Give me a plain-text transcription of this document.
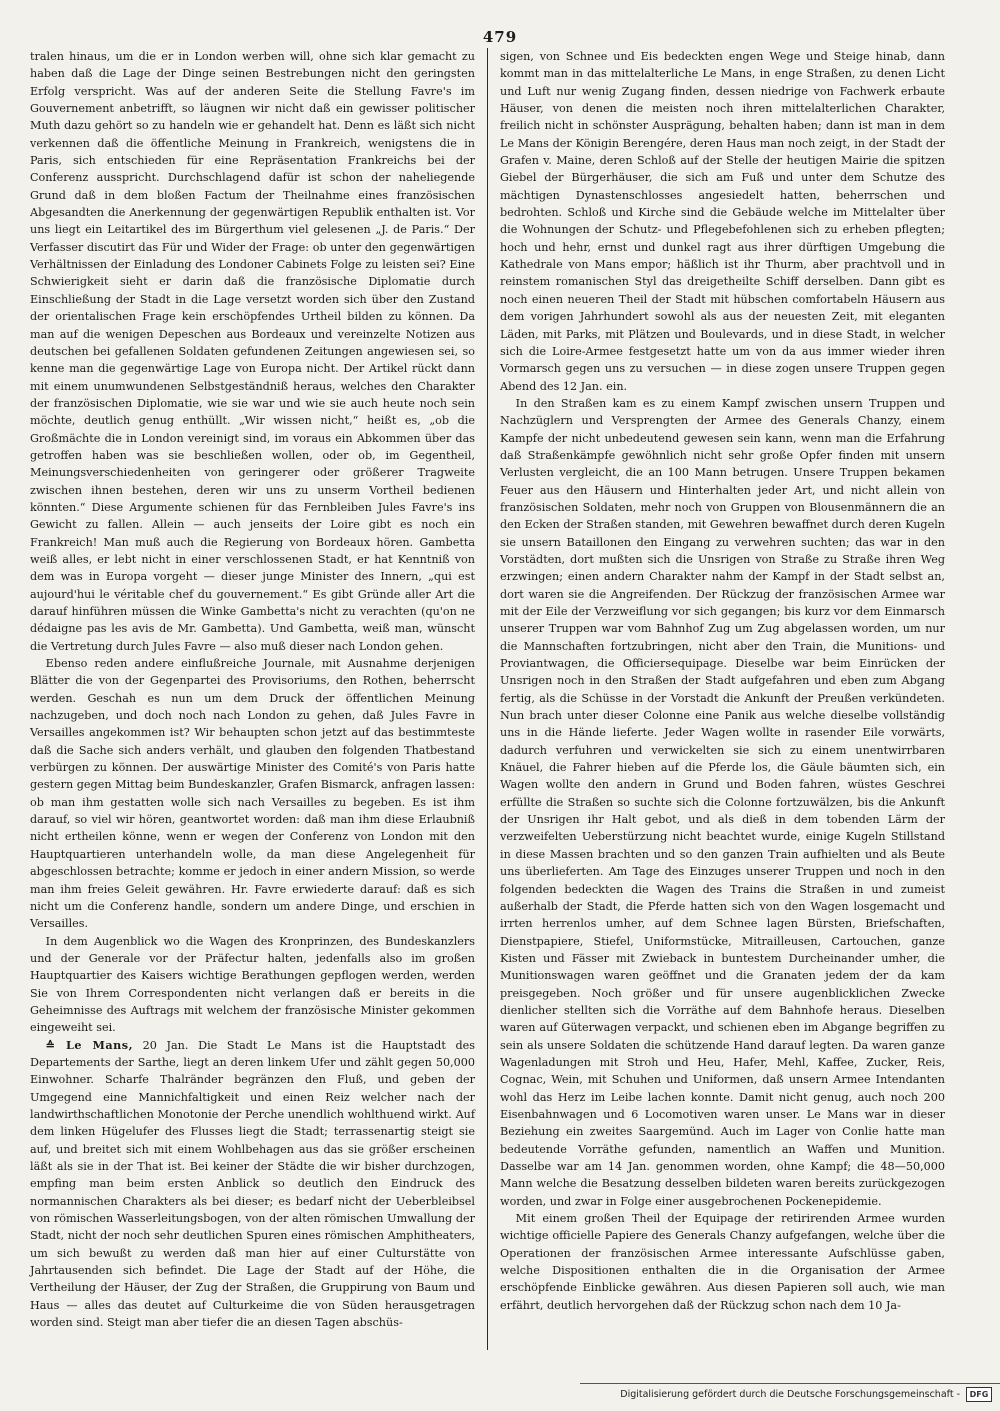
479

tralen hinaus, um die er in London werben will, ohne sich klar gemacht zu haben daß die Lage der Dinge seinen Bestrebungen nicht den geringsten Erfolg verspricht. Was auf der anderen Seite die Stellung Favre's im Gouvernement anbetrifft, so läugnen wir nicht daß ein gewisser politischer Muth dazu gehört so zu handeln wie er gehandelt hat. Denn es läßt sich nicht verkennen daß die öffentliche Meinung in Frankreich, wenigstens die in Paris, sich entschieden für eine Repräsentation Frankreichs bei der Conferenz ausspricht. Durchschlagend dafür ist schon der naheliegende Grund daß in dem bloßen Factum der Theilnahme eines französischen Abgesandten die Anerkennung der gegenwärtigen Republik enthalten ist. Vor uns liegt ein Leitartikel des im Bürgerthum viel gelesenen „J. de Paris.“ Der Verfasser discutirt das Für und Wider der Frage: ob unter den gegenwärtigen Verhältnissen der Einladung des Londoner Cabinets Folge zu leisten sei? Eine Schwierigkeit sieht er darin daß die französische Diplomatie durch Einschließung der Stadt in die Lage versetzt worden sich über den Zustand der orientalischen Frage kein erschöpfendes Urtheil bilden zu können. Da man auf die wenigen Depeschen aus Bordeaux und vereinzelte Notizen aus deutschen bei gefallenen Soldaten gefundenen Zeitungen angewiesen sei, so kenne man die gegenwärtige Lage von Europa nicht. Der Artikel rückt dann mit einem unumwundenen Selbstgeständniß heraus, welches den Charakter der französischen Diplomatie, wie sie war und wie sie auch heute noch sein möchte, deutlich genug enthüllt. „Wir wissen nicht,“ heißt es, „ob die Großmächte die in London vereinigt sind, im voraus ein Abkommen über das getroffen haben was sie beschließen wollen, oder ob, im Gegentheil, Meinungsverschiedenheiten von geringerer oder größerer Tragweite zwischen ihnen bestehen, deren wir uns zu unserm Vortheil bedienen könnten.“ Diese Argumente schienen für das Fernbleiben Jules Favre's ins Gewicht zu fallen. Allein — auch jenseits der Loire gibt es noch ein Frankreich! Man muß auch die Regierung von Bordeaux hören. Gambetta weiß alles, er lebt nicht in einer verschlossenen Stadt, er hat Kenntniß von dem was in Europa vorgeht — dieser junge Minister des Innern, „qui est aujourd'hui le véritable chef du gouvernement.“ Es gibt Gründe aller Art die darauf hinführen müssen die Winke Gambetta's nicht zu verachten (qu'on ne dédaigne pas les avis de Mr. Gambetta). Und Gambetta, weiß man, wünscht die Vertretung durch Jules Favre — also muß dieser nach London gehen.

Ebenso reden andere einflußreiche Journale, mit Ausnahme derjenigen Blätter die von der Gegenpartei des Provisoriums, den Rothen, beherrscht werden. Geschah es nun um dem Druck der öffentlichen Meinung nachzugeben, und doch noch nach London zu gehen, daß Jules Favre in Versailles angekommen ist? Wir behaupten schon jetzt auf das bestimmteste daß die Sache sich anders verhält, und glauben den folgenden Thatbestand verbürgen zu können. Der auswärtige Minister des Comité's von Paris hatte gestern gegen Mittag beim Bundeskanzler, Grafen Bismarck, anfragen lassen: ob man ihm gestatten wolle sich nach Versailles zu begeben. Es ist ihm darauf, so viel wir hören, geantwortet worden: daß man ihm diese Erlaubniß nicht ertheilen könne, wenn er wegen der Conferenz von London mit den Hauptquartieren unterhandeln wolle, da man diese Angelegenheit für abgeschlossen betrachte; komme er jedoch in einer andern Mission, so werde man ihm freies Geleit gewähren. Hr. Favre erwiederte darauf: daß es sich nicht um die Conferenz handle, sondern um andere Dinge, und erschien in Versailles.

In dem Augenblick wo die Wagen des Kronprinzen, des Bundeskanzlers und der Generale vor der Präfectur halten, jedenfalls also im großen Hauptquartier des Kaisers wichtige Berathungen gepflogen werden, werden Sie von Ihrem Correspondenten nicht verlangen daß er bereits in die Geheimnisse des Auftrags mit welchem der französische Minister gekommen eingeweiht sei.

≙ Le Mans, 20 Jan. Die Stadt Le Mans ist die Hauptstadt des Departements der Sarthe, liegt an deren linkem Ufer und zählt gegen 50,000 Einwohner. Scharfe Thalränder begränzen den Fluß, und geben der Umgegend eine Mannichfaltigkeit und einen Reiz welcher nach der landwirthschaftlichen Monotonie der Perche unendlich wohlthuend wirkt. Auf dem linken Hügelufer des Flusses liegt die Stadt; terrassenartig steigt sie auf, und breitet sich mit einem Wohlbehagen aus das sie größer erscheinen läßt als sie in der That ist. Bei keiner der Städte die wir bisher durchzogen, empfing man beim ersten Anblick so deutlich den Eindruck des normannischen Charakters als bei dieser; es bedarf nicht der Ueberbleibsel von römischen Wasserleitungsbogen, von der alten römischen Umwallung der Stadt, nicht der noch sehr deutlichen Spuren eines römischen Amphitheaters, um sich bewußt zu werden daß man hier auf einer Culturstätte von Jahrtausenden sich befindet. Die Lage der Stadt auf der Höhe, die Vertheilung der Häuser, der Zug der Straßen, die Gruppirung von Baum und Haus — alles das deutet auf Culturkeime die von Süden herausgetragen worden sind. Steigt man aber tiefer die an diesen Tagen abschüs-

sigen, von Schnee und Eis bedeckten engen Wege und Steige hinab, dann kommt man in das mittelalterliche Le Mans, in enge Straßen, zu denen Licht und Luft nur wenig Zugang finden, dessen niedrige von Fachwerk erbaute Häuser, von denen die meisten noch ihren mittelalterlichen Charakter, freilich nicht in schönster Ausprägung, behalten haben; dann ist man in dem Le Mans der Königin Berengére, deren Haus man noch zeigt, in der Stadt der Grafen v. Maine, deren Schloß auf der Stelle der heutigen Mairie die spitzen Giebel der Bürgerhäuser, die sich am Fuß und unter dem Schutze des mächtigen Dynastenschlosses angesiedelt hatten, beherrschen und bedrohten. Schloß und Kirche sind die Gebäude welche im Mittelalter über die Wohnungen der Schutz- und Pflegebefohlenen sich zu erheben pflegten; hoch und hehr, ernst und dunkel ragt aus ihrer dürftigen Umgebung die Kathedrale von Mans empor; häßlich ist ihr Thurm, aber prachtvoll und in reinstem romanischen Styl das dreigetheilte Schiff derselben. Dann gibt es noch einen neueren Theil der Stadt mit hübschen comfortabeln Häusern aus dem vorigen Jahrhundert sowohl als aus der neuesten Zeit, mit eleganten Läden, mit Parks, mit Plätzen und Boulevards, und in diese Stadt, in welcher sich die Loire-Armee festgesetzt hatte um von da aus immer wieder ihren Vormarsch gegen uns zu versuchen — in diese zogen unsere Truppen gegen Abend des 12 Jan. ein.

In den Straßen kam es zu einem Kampf zwischen unsern Truppen und Nachzüglern und Versprengten der Armee des Generals Chanzy, einem Kampfe der nicht unbedeutend gewesen sein kann, wenn man die Erfahrung daß Straßenkämpfe gewöhnlich nicht sehr große Opfer finden mit unsern Verlusten vergleicht, die an 100 Mann betrugen. Unsere Truppen bekamen Feuer aus den Häusern und Hinterhalten jeder Art, und nicht allein von französischen Soldaten, mehr noch von Gruppen von Blousenmännern die an den Ecken der Straßen standen, mit Gewehren bewaffnet durch deren Kugeln sie unsern Bataillonen den Eingang zu verwehren suchten; das war in den Vorstädten, dort mußten sich die Unsrigen von Straße zu Straße ihren Weg erzwingen; einen andern Charakter nahm der Kampf in der Stadt selbst an, dort waren sie die Angreifenden. Der Rückzug der französischen Armee war mit der Eile der Verzweiflung vor sich gegangen; bis kurz vor dem Einmarsch unserer Truppen war vom Bahnhof Zug um Zug abgelassen worden, um nur die Mannschaften fortzubringen, nicht aber den Train, die Munitions- und Proviantwagen, die Officiersequipage. Dieselbe war beim Einrücken der Unsrigen noch in den Straßen der Stadt aufgefahren und eben zum Abgang fertig, als die Schüsse in der Vorstadt die Ankunft der Preußen verkündeten. Nun brach unter dieser Colonne eine Panik aus welche dieselbe vollständig uns in die Hände lieferte. Jeder Wagen wollte in rasender Eile vorwärts, dadurch verfuhren und verwickelten sie sich zu einem unentwirrbaren Knäuel, die Fahrer hieben auf die Pferde los, die Gäule bäumten sich, ein Wagen wollte den andern in Grund und Boden fahren, wüstes Geschrei erfüllte die Straßen so suchte sich die Colonne fortzuwälzen, bis die Ankunft der Unsrigen ihr Halt gebot, und als dieß in dem tobenden Lärm der verzweifelten Ueberstürzung nicht beachtet wurde, einige Kugeln Stillstand in diese Massen brachten und so den ganzen Train aufhielten und als Beute uns überlieferten. Am Tage des Einzuges unserer Truppen und noch in den folgenden bedeckten die Wagen des Trains die Straßen in und zumeist außerhalb der Stadt, die Pferde hatten sich von den Wagen losgemacht und irrten herrenlos umher, auf dem Schnee lagen Bürsten, Briefschaften, Dienstpapiere, Stiefel, Uniformstücke, Mitrailleusen, Cartouchen, ganze Kisten und Fässer mit Zwieback in buntestem Durcheinander umher, die Munitionswagen waren geöffnet und die Granaten jedem der da kam preisgegeben. Noch größer und für unsere augenblicklichen Zwecke dienlicher stellten sich die Vorräthe auf dem Bahnhofe heraus. Dieselben waren auf Güterwagen verpackt, und schienen eben im Abgange begriffen zu sein als unsere Soldaten die schützende Hand darauf legten. Da waren ganze Wagenladungen mit Stroh und Heu, Hafer, Mehl, Kaffee, Zucker, Reis, Cognac, Wein, mit Schuhen und Uniformen, daß unsern Armee Intendanten wohl das Herz im Leibe lachen konnte. Damit nicht genug, auch noch 200 Eisenbahnwagen und 6 Locomotiven waren unser. Le Mans war in dieser Beziehung ein zweites Saargemünd. Auch im Lager von Conlie hatte man bedeutende Vorräthe gefunden, namentlich an Waffen und Munition. Dasselbe war am 14 Jan. genommen worden, ohne Kampf; die 48—50,000 Mann welche die Besatzung desselben bildeten waren bereits zurückgezogen worden, und zwar in Folge einer ausgebrochenen Pockenepidemie.

Mit einem großen Theil der Equipage der retirirenden Armee wurden wichtige officielle Papiere des Generals Chanzy aufgefangen, welche über die Operationen der französischen Armee interessante Aufschlüsse gaben, welche Dispositionen enthalten die in die Organisation der Armee erschöpfende Einblicke gewähren. Aus diesen Papieren soll auch, wie man erfährt, deutlich hervorgehen daß der Rückzug schon nach dem 10 Ja-

Digitalisierung gefördert durch die Deutsche Forschungsgemeinschaft -	DFG
